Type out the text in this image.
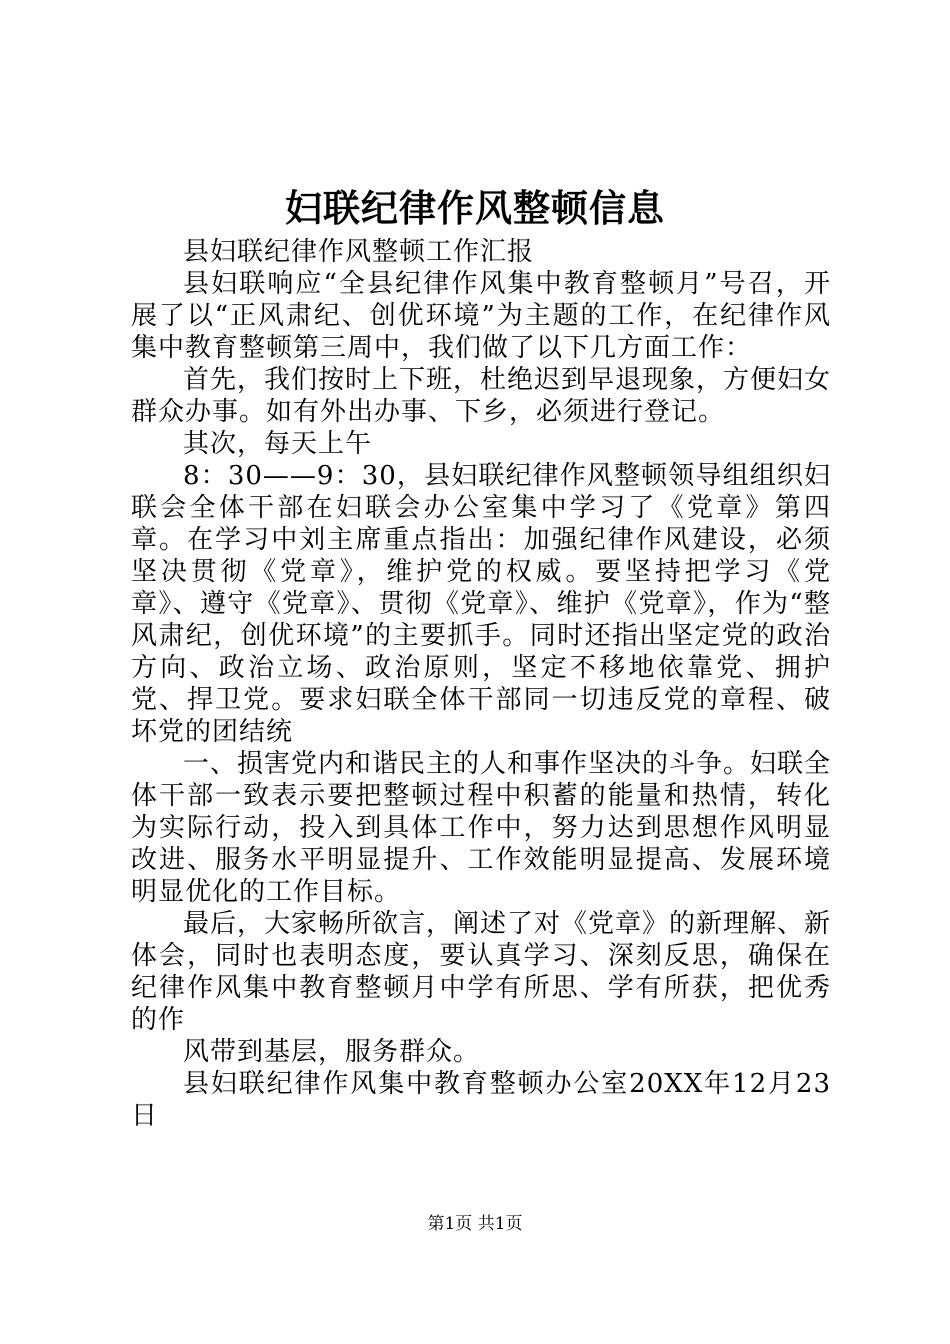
妇联纪律作风整顿信息

县妇联纪律作风整顿工作汇报

县妇联响应“全县纪律作风集中教育整顿月”号召，开展了以“正风肃纪、创优环境”为主题的工作，在纪律作风集中教育整顿第三周中，我们做了以下几方面工作：

首先，我们按时上下班，杜绝迟到早退现象，方便妇女群众办事。如有外出办事、下乡，必须进行登记。

其次，每天上午

8：30——9：30，县妇联纪律作风整顿领导组组织妇联会全体干部在妇联会办公室集中学习了《党章》第四章。在学习中刘主席重点指出：加强纪律作风建设，必须坚决贯彻《党章》，维护党的权威。要坚持把学习《党章》、遵守《党章》、贯彻《党章》、维护《党章》，作为“整风肃纪，创优环境”的主要抓手。同时还指出坚定党的政治方向、政治立场、政治原则，坚定不移地依靠党、拥护党、捍卫党。要求妇联全体干部同一切违反党的章程、破坏党的团结统

一、损害党内和谐民主的人和事作坚决的斗争。妇联全体干部一致表示要把整顿过程中积蓄的能量和热情，转化为实际行动，投入到具体工作中，努力达到思想作风明显改进、服务水平明显提升、工作效能明显提高、发展环境明显优化的工作目标。

最后，大家畅所欲言，阐述了对《党章》的新理解、新体会，同时也表明态度，要认真学习、深刻反思，确保在纪律作风集中教育整顿月中学有所思、学有所获，把优秀的作

风带到基层，服务群众。

县妇联纪律作风集中教育整顿办公室20XX年12月23日

第1页 共1页
